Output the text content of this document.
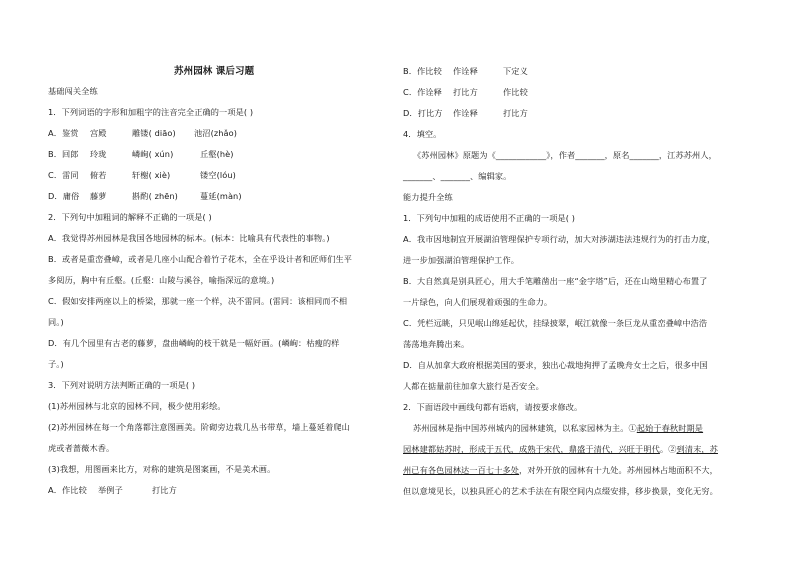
苏州园林 课后习题
基础闯关全练
1．下列词语的字形和加粗字的注音完全正确的一项是( )
A．鉴赏 宫殿	雕镂( diāo) 池沼(zhǎo)
B．回郎 玲珑	嶙峋( xún)	丘壑(hè)
C．雷同 俯若	轩榭( xiè)	镂空(lóu)
D．庸俗 藤萝	斟酌( zhēn)	蔓延(màn)
2．下列句中加粗词的解释不正确的一项是( )
A．我觉得苏州园林是我国各地园林的标本。(标本：比喻具有代表性的事物。)
B．或者是重峦叠嶂，或者是几座小山配合着竹子花木，全在乎设计者和匠师们生平
多阅历，胸中有丘壑。(丘壑：山陵与溪谷，喻指深远的意境。)
C．假如安排两座以上的桥梁，那就一座一个样，决不雷同。(雷同：该相同而不相
同。)
D．有几个园里有古老的藤萝，盘曲嶙峋的枝干就是一幅好画。(嶙峋：枯瘦的样
子。)
3．下列对说明方法判断正确的一项是( )
(1)苏州园林与北京的园林不同，极少使用彩绘。
(2)苏州园林在每一个角落都注意图画美。阶砌旁边栽几丛书带草，墙上蔓延着爬山
虎或者蔷薇木香。
(3)我想，用图画来比方，对称的建筑是图案画，不是美术画。
A．作比较 举例子	打比方
B．作比较 作诠释	下定义
C．作诠释 打比方	作比较
D．打比方 作诠释	打比方
4．填空。
《苏州园林》原题为《____________》，作者_______，原名_______，江苏苏州人，
_______、_______、编辑家。
能力提升全练
1．下列句中加粗的成语使用不正确的一项是( )
A．我市因地制宜开展湖泊管理保护专项行动，加大对涉湖违法违规行为的打击力度，
进一步加强湖泊管理保护工作。
B．大自然真是别具匠心，用大手笔雕凿出一座“金字塔”后，还在山坳里精心布置了
一片绿色，向人们展现着顽强的生命力。
C．凭栏远眺，只见岷山绵延起伏，挂绿披翠，岷江就像一条巨龙从重峦叠嶂中浩浩
荡荡地奔腾出来。
D．自从加拿大政府根据美国的要求，独出心裁地拘押了孟晚舟女士之后，很多中国
人都在掂量前往加拿大旅行是否安全。
2．下面语段中画线句都有语病，请按要求修改。
苏州园林是指中国苏州城内的园林建筑，以私家园林为主。①起始于春秋时期是
园林建都姑苏时，形成于五代，成熟于宋代，鼎盛于清代，兴旺于明代。②到清末，苏
州已有各色园林达一百七十多处，对外开放的园林有十九处。苏州园林占地面积不大，
但以意境见长，以独具匠心的艺术手法在有限空间内点缀安排，移步换景，变化无穷。
